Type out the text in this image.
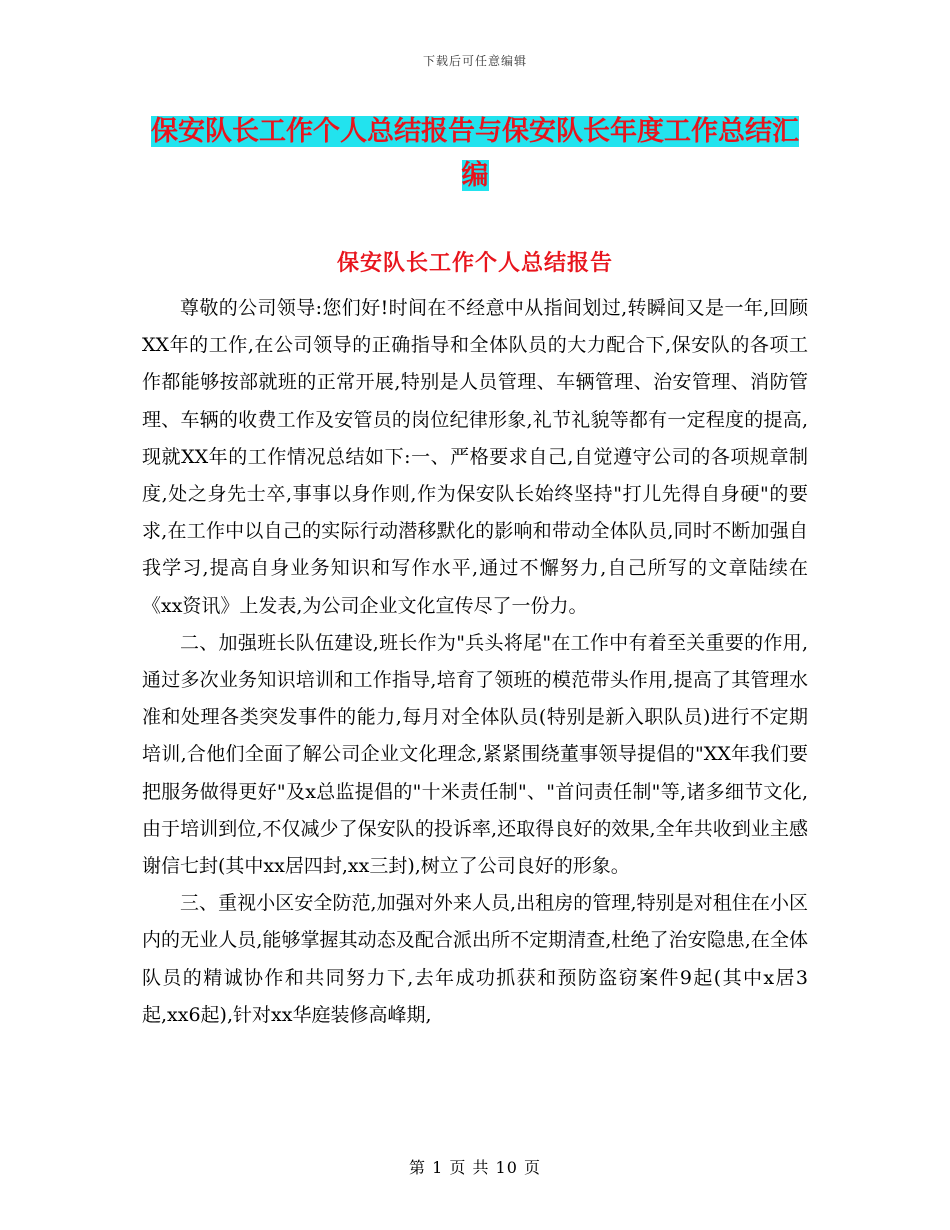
下载后可任意编辑
保安队长工作个人总结报告与保安队长年度工作总结汇编
保安队长工作个人总结报告

尊敬的公司领导:您们好!时间在不经意中从指间划过,转瞬间又是一年,回顾XX年的工作,在公司领导的正确指导和全体队员的大力配合下,保安队的各项工作都能够按部就班的正常开展,特别是人员管理、车辆管理、治安管理、消防管理、车辆的收费工作及安管员的岗位纪律形象,礼节礼貌等都有一定程度的提高,现就XX年的工作情况总结如下:一、严格要求自己,自觉遵守公司的各项规章制度,处之身先士卒,事事以身作则,作为保安队长始终坚持"打儿先得自身硬"的要求,在工作中以自己的实际行动潜移默化的影响和带动全体队员,同时不断加强自我学习,提高自身业务知识和写作水平,通过不懈努力,自己所写的文章陆续在《xx资讯》上发表,为公司企业文化宣传尽了一份力。

二、加强班长队伍建设,班长作为"兵头将尾"在工作中有着至关重要的作用,通过多次业务知识培训和工作指导,培育了领班的模范带头作用,提高了其管理水准和处理各类突发事件的能力,每月对全体队员(特别是新入职队员)进行不定期培训,合他们全面了解公司企业文化理念,紧紧围绕董事领导提倡的"XX年我们要把服务做得更好"及x总监提倡的"十米责任制"、"首问责任制"等,诸多细节文化,由于培训到位,不仅减少了保安队的投诉率,还取得良好的效果,全年共收到业主感谢信七封(其中xx居四封,xx三封),树立了公司良好的形象。

三、重视小区安全防范,加强对外来人员,出租房的管理,特别是对租住在小区内的无业人员,能够掌握其动态及配合派出所不定期清查,杜绝了治安隐患,在全体队员的精诚协作和共同努力下,去年成功抓获和预防盗窃案件9起(其中x居3起,xx6起),针对xx华庭装修高峰期,

第 1 页 共 10 页
